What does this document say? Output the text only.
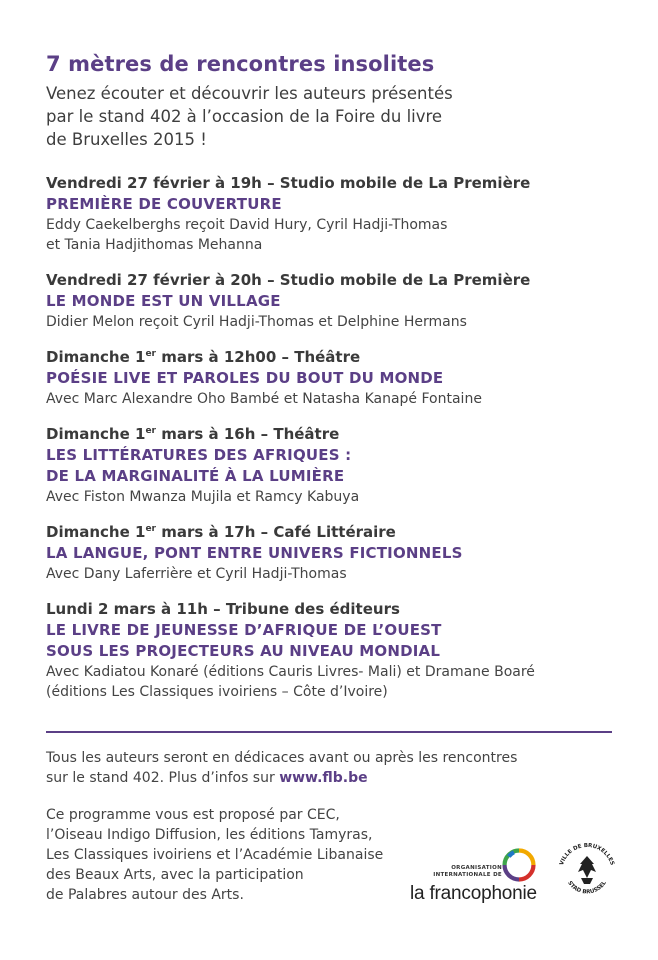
7 mètres de rencontres insolites

Venez écouter et découvrir les auteurs présentés
par le stand 402 à l’occasion de la Foire du livre
de Bruxelles 2015 !

Vendredi 27 février à 19h – Studio mobile de La Première
PREMIÈRE DE COUVERTURE
Eddy Caekelberghs reçoit David Hury, Cyril Hadji-Thomas
et Tania Hadjithomas Mehanna
Vendredi 27 février à 20h – Studio mobile de La Première
LE MONDE EST UN VILLAGE
Didier Melon reçoit Cyril Hadji-Thomas et Delphine Hermans
Dimanche 1er mars à 12h00 – Théâtre
POÉSIE LIVE ET PAROLES DU BOUT DU MONDE
Avec Marc Alexandre Oho Bambé et Natasha Kanapé Fontaine
Dimanche 1er mars à 16h – Théâtre
LES LITTÉRATURES DES AFRIQUES :
DE LA MARGINALITÉ À LA LUMIÈRE
Avec Fiston Mwanza Mujila et Ramcy Kabuya
Dimanche 1er mars à 17h – Café Littéraire
LA LANGUE, PONT ENTRE UNIVERS FICTIONNELS
Avec Dany Laferrière et Cyril Hadji-Thomas
Lundi 2 mars à 11h – Tribune des éditeurs
LE LIVRE DE JEUNESSE D’AFRIQUE DE L’OUEST
SOUS LES PROJECTEURS AU NIVEAU MONDIAL
Avec Kadiatou Konaré (éditions Cauris Livres- Mali) et Dramane Boaré
(éditions Les Classiques ivoiriens – Côte d’Ivoire)
Tous les auteurs seront en dédicaces avant ou après les rencontres
sur le stand 402. Plus d’infos sur www.flb.be
Ce programme vous est proposé par CEC,
l’Oiseau Indigo Diffusion, les éditions Tamyras,
Les Classiques ivoiriens et l’Académie Libanaise
des Beaux Arts, avec la participation
de Palabres autour des Arts.
ORGANISATION
INTERNATIONALE DE
la francophonie
VILLE DE BRUXELLES
STAD BRUSSEL
